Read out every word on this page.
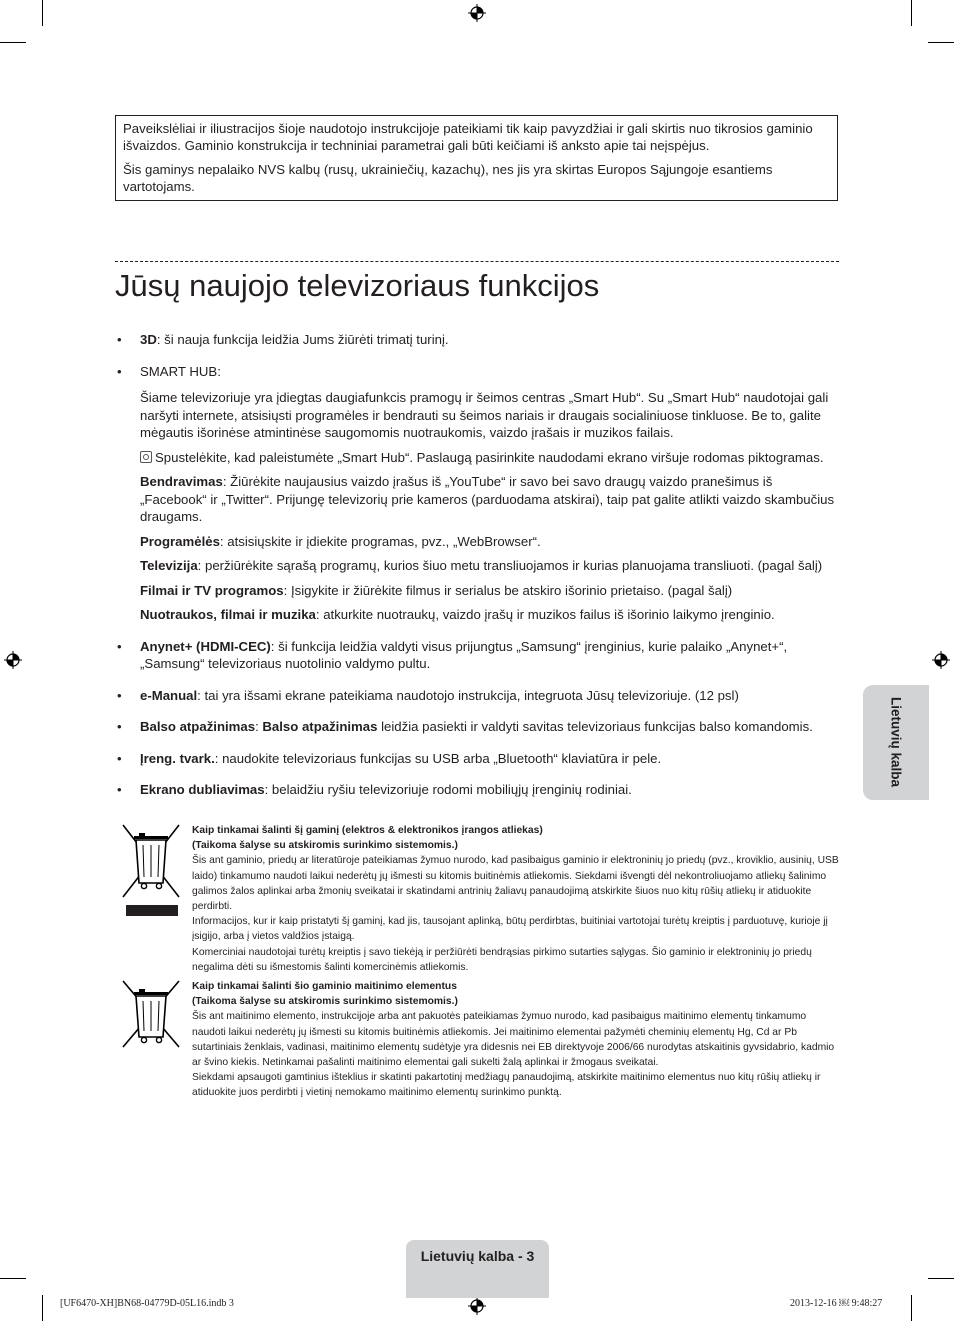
Paveikslėliai ir iliustracijos šioje naudotojo instrukcijoje pateikiami tik kaip pavyzdžiai ir gali skirtis nuo tikrosios gaminio išvaizdos. Gaminio konstrukcija ir techniniai parametrai gali būti keičiami iš anksto apie tai neįspėjus.

Šis gaminys nepalaiko NVS kalbų (rusų, ukrainiečių, kazachų), nes jis yra skirtas Europos Sąjungoje esantiems vartotojams.

Jūsų naujojo televizoriaus funkcijos
• 3D: ši nauja funkcija leidžia Jums žiūrėti trimatį turinį.
• SMART HUB:
Šiame televizoriuje yra įdiegtas daugiafunkcis pramogų ir šeimos centras „Smart Hub“. Su „Smart Hub“ naudotojai gali naršyti internete, atsisiųsti programėles ir bendrauti su šeimos nariais ir draugais socialiniuose tinkluose. Be to, galite mėgautis išorinėse atmintinėse saugomomis nuotraukomis, vaizdo įrašais ir muzikos failais.
Spustelėkite, kad paleistumėte „Smart Hub“. Paslaugą pasirinkite naudodami ekrano viršuje rodomas piktogramas.
Bendravimas: Žiūrėkite naujausius vaizdo įrašus iš „YouTube“ ir savo bei savo draugų vaizdo pranešimus iš „Facebook“ ir „Twitter“. Prijungę televizorių prie kameros (parduodama atskirai), taip pat galite atlikti vaizdo skambučius draugams.
Programėlės: atsisiųskite ir įdiekite programas, pvz., „WebBrowser“.
Televizija: peržiūrėkite sąrašą programų, kurios šiuo metu transliuojamos ir kurias planuojama transliuoti. (pagal šalį)
Filmai ir TV programos: Įsigykite ir žiūrėkite filmus ir serialus be atskiro išorinio prietaiso. (pagal šalį)
Nuotraukos, filmai ir muzika: atkurkite nuotraukų, vaizdo įrašų ir muzikos failus iš išorinio laikymo įrenginio.
• Anynet+ (HDMI-CEC): ši funkcija leidžia valdyti visus prijungtus „Samsung“ įrenginius, kurie palaiko „Anynet+“, „Samsung“ televizoriaus nuotolinio valdymo pultu.
• e-Manual: tai yra išsami ekrane pateikiama naudotojo instrukcija, integruota Jūsų televizoriuje. (12 psl)
• Balso atpažinimas: Balso atpažinimas leidžia pasiekti ir valdyti savitas televizoriaus funkcijas balso komandomis.
• Įreng. tvark.: naudokite televizoriaus funkcijas su USB arba „Bluetooth“ klaviatūra ir pele.
• Ekrano dubliavimas: belaidžiu ryšiu televizoriuje rodomi mobiliųjų įrenginių rodiniai.

Kaip tinkamai šalinti šį gaminį (elektros & elektronikos įrangos atliekas)

(Taikoma šalyse su atskiromis surinkimo sistemomis.)

Šis ant gaminio, priedų ar literatūroje pateikiamas žymuo nurodo, kad pasibaigus gaminio ir elektroninių jo priedų (pvz., kroviklio, ausinių, USB laido) tinkamumo naudoti laikui nederėtų jų išmesti su kitomis buitinėmis atliekomis. Siekdami išvengti dėl nekontroliuojamo atliekų šalinimo galimos žalos aplinkai arba žmonių sveikatai ir skatindami antrinių žaliavų panaudojimą atskirkite šiuos nuo kitų rūšių atliekų ir atiduokite perdirbti.

Informacijos, kur ir kaip pristatyti šį gaminį, kad jis, tausojant aplinką, būtų perdirbtas, buitiniai vartotojai turėtų kreiptis į parduotuvę, kurioje jį įsigijo, arba į vietos valdžios įstaigą.

Komerciniai naudotojai turėtų kreiptis į savo tiekėją ir peržiūrėti bendrąsias pirkimo sutarties sąlygas. Šio gaminio ir elektroninių jo priedų negalima dėti su išmestomis šalinti komercinėmis atliekomis.

Kaip tinkamai šalinti šio gaminio maitinimo elementus

(Taikoma šalyse su atskiromis surinkimo sistemomis.)

Šis ant maitinimo elemento, instrukcijoje arba ant pakuotės pateikiamas žymuo nurodo, kad pasibaigus maitinimo elementų tinkamumo naudoti laikui nederėtų jų išmesti su kitomis buitinėmis atliekomis. Jei maitinimo elementai pažymėti cheminių elementų Hg, Cd ar Pb sutartiniais ženklais, vadinasi, maitinimo elementų sudėtyje yra didesnis nei EB direktyvoje 2006/66 nurodytas atskaitinis gyvsidabrio, kadmio ar švino kiekis. Netinkamai pašalinti maitinimo elementai gali sukelti žalą aplinkai ir žmogaus sveikatai.

Siekdami apsaugoti gamtinius išteklius ir skatinti pakartotinį medžiagų panaudojimą, atskirkite maitinimo elementus nuo kitų rūšių atliekų ir atiduokite juos perdirbti į vietinį nemokamo maitinimo elementų surinkimo punktą.

Lietuvių kalba
Lietuvių kalba - 3
[UF6470-XH]BN68-04779D-05L16.indb 3	2013-12-16 ￼ 9:48:27
